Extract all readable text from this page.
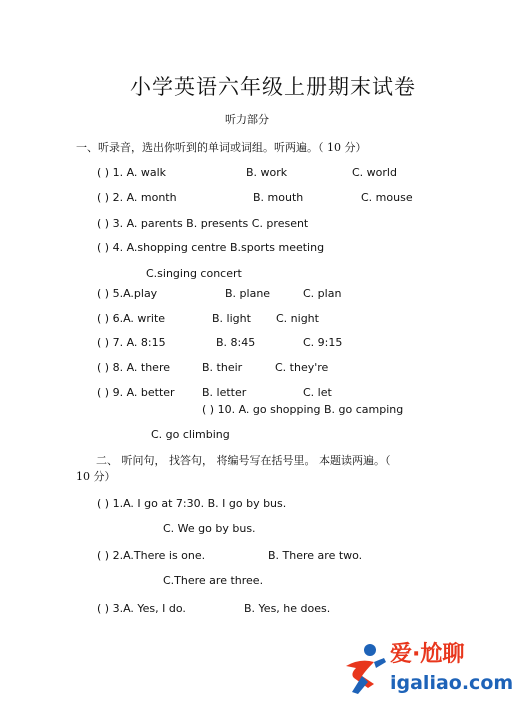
小学英语六年级上册期末试卷
听力部分
一、听录音，选出你听到的单词或词组。听两遍。（ 10 分）
( ) 1. A. walk	B. work	C. world
( ) 2. A. month	B. mouth	C. mouse
( ) 3. A. parents B. presents C. present
( ) 4. A.shopping centre B.sports meeting
C.singing concert
( ) 5.A.play	B. plane	C. plan
( ) 6.A. write	B. light C. night
( ) 7. A. 8:15	B. 8:45	C. 9:15
( ) 8. A. there	B. their	C. they're
( ) 9. A. better B. letter	C. let
( ) 10. A. go shopping B. go camping
C. go climbing
二、 听问句， 找答句， 将编号写在括号里。 本题读两遍。（
10 分）
( ) 1.A. I go at 7:30. B. I go by bus.
C. We go by bus.
( ) 2.A.There is one.	B. There are two.
C.There are three.
( ) 3.A. Yes, I do.	B. Yes, he does.
爱·尬聊
igaliao.com
